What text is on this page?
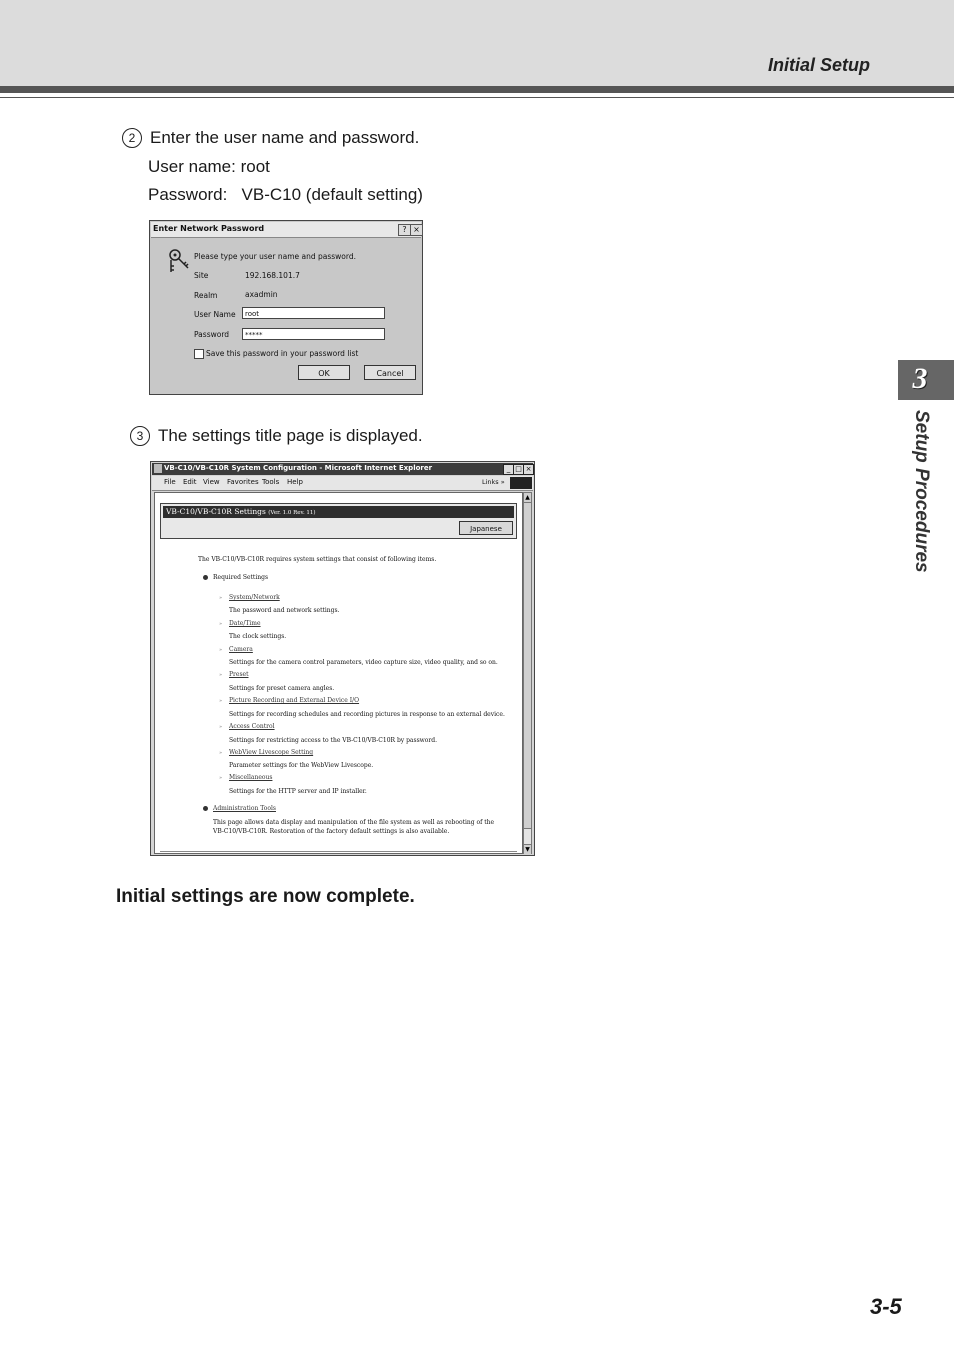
Initial Setup
3
Setup Procedures
2 Enter the user name and password.
User name: root
Password:   VB-C10 (default setting)
Enter Network Password	? ×
Please type your user name and password.
Site	192.168.101.7
Realm	axadmin
User Name	root
Password	*****
Save this password in your password list
OK	Cancel
3 The settings title page is displayed.
VB-C10/VB-C10R System Configuration - Microsoft Internet Explorer	_ □ ×
File Edit View Favorites Tools Help	Links »
VB-C10/VB-C10R Settings (Ver. 1.0 Rev. 11)
Japanese
The VB-C10/VB-C10R requires system settings that consist of following items.
Required Settings
» System/Network
The password and network settings.
» Date/Time
The clock settings.
» Camera
Settings for the camera control parameters, video capture size, video quality, and so on.
» Preset
Settings for preset camera angles.
» Picture Recording and External Device I/O
Settings for recording schedules and recording pictures in response to an external device.
» Access Control
Settings for restricting access to the VB-C10/VB-C10R by password.
» WebView Livescope Setting
Parameter settings for the WebView Livescope.
» Miscellaneous
Settings for the HTTP server and IP installer.
Administration Tools
This page allows data display and manipulation of the file system as well as rebooting of the
VB-C10/VB-C10R. Restoration of the factory default settings is also available.
▲
▼
Initial settings are now complete.
3-5
